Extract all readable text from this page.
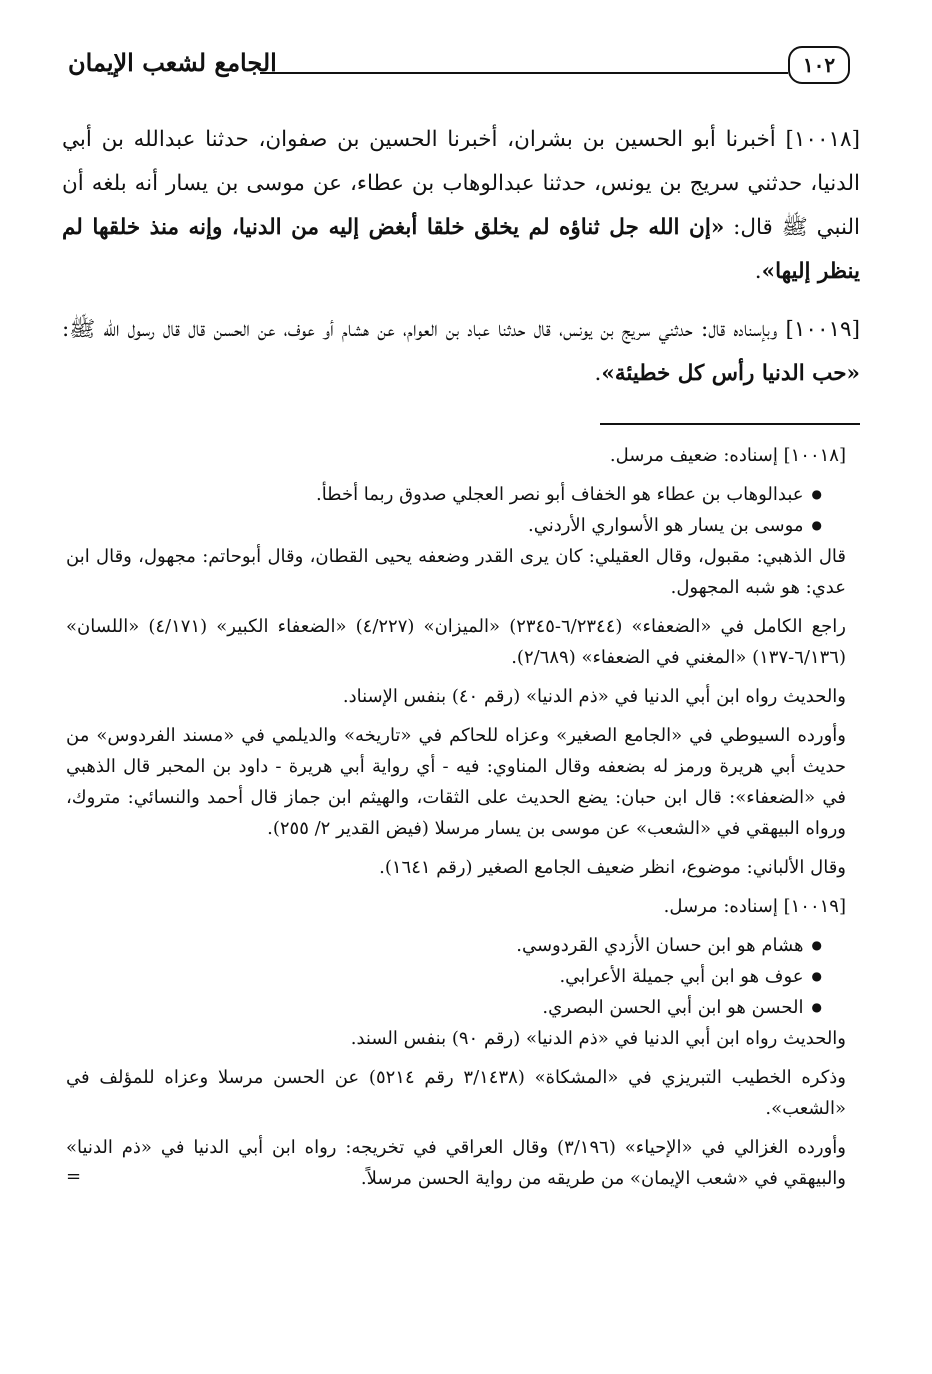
الجامع لشعب الإيمان	١٠٢

[١٠٠١٨] أخبرنا أبو الحسين بن بشران، أخبرنا الحسين بن صفوان، حدثنا عبدالله بن أبي الدنيا، حدثني سريج بن يونس، حدثنا عبدالوهاب بن عطاء، عن موسى بن يسار أنه بلغه أن النبي ﷺ قال: «إن الله جل ثناؤه لم يخلق خلقا أبغض إليه من الدنيا، وإنه منذ خلقها لم ينظر إليها».

[١٠٠١٩] وبإسناده قال: حدثني سريج بن يونس، قال حدثنا عباد بن العوام، عن هشام أو عوف، عن الحسن قال قال رسول الله ﷺ: «حب الدنيا رأس كل خطيئة».

[١٠٠١٨] إسناده: ضعيف مرسل.

● عبدالوهاب بن عطاء هو الخفاف أبو نصر العجلي صدوق ربما أخطأ.

● موسى بن يسار هو الأسواري الأردني.

قال الذهبي: مقبول، وقال العقيلي: كان يرى القدر وضعفه يحيى القطان، وقال أبوحاتم: مجهول، وقال ابن عدي: هو شبه المجهول.

راجع الكامل في «الضعفاء» (٦/٢٣٤٤-٢٣٤٥) «الميزان» (٤/٢٢٧) «الضعفاء الكبير» (٤/١٧١) «اللسان» (٦/١٣٦-١٣٧) «المغني في الضعفاء» (٢/٦٨٩).

والحديث رواه ابن أبي الدنيا في «ذم الدنيا» (رقم ٤٠) بنفس الإسناد.

وأورده السيوطي في «الجامع الصغير» وعزاه للحاكم في «تاريخه» والديلمي في «مسند الفردوس» من حديث أبي هريرة ورمز له بضعفه وقال المناوي: فيه - أي رواية أبي هريرة - داود بن المحبر قال الذهبي في «الضعفاء»: قال ابن حبان: يضع الحديث على الثقات، والهيثم ابن جماز قال أحمد والنسائي: متروك، ورواه البيهقي في «الشعب» عن موسى بن يسار مرسلا (فيض القدير ٢/ ٢٥٥).

وقال الألباني: موضوع، انظر ضعيف الجامع الصغير (رقم ١٦٤١).

[١٠٠١٩] إسناده: مرسل.

● هشام هو ابن حسان الأزدي القردوسي.

● عوف هو ابن أبي جميلة الأعرابي.

● الحسن هو ابن أبي الحسن البصري.

والحديث رواه ابن أبي الدنيا في «ذم الدنيا» (رقم ٩٠) بنفس السند.

وذكره الخطيب التبريزي في «المشكاة» (٣/١٤٣٨ رقم ٥٢١٤) عن الحسن مرسلا وعزاه للمؤلف في «الشعب».

وأورده الغزالي في «الإحياء» (٣/١٩٦) وقال العراقي في تخريجه: رواه ابن أبي الدنيا في «ذم الدنيا» والبيهقي في «شعب الإيمان» من طريقه من رواية الحسن مرسلاً.
=
